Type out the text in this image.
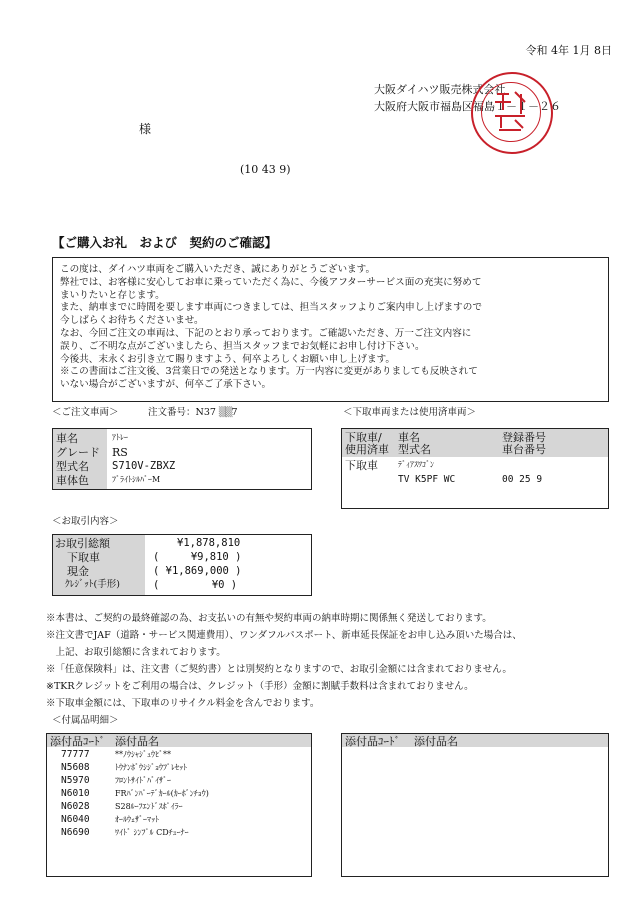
令和 4年 1月 8日
大阪ダイハツ販売株式会社
大阪府大阪市福島区福島１－１－２６
様
(10 43 9)
【ご購入お礼　および　契約のご確認】

この度は、ダイハツ車両をご購入いただき、誠にありがとうございます。

弊社では、お客様に安心してお車に乗っていただく為に、今後アフターサービス面の充実に努めて

まいりたいと存じます。

また、納車までに時間を要します車両につきましては、担当スタッフよりご案内申し上げますので

今しばらくお待ちくださいませ。

なお、今回ご注文の車両は、下記のとおり承っております。ご確認いただき、万一ご注文内容に

誤り、ご不明な点がございましたら、担当スタッフまでお気軽にお申し付け下さい。

今後共、末永くお引き立て賜りますよう、何卒よろしくお願い申し上げます。

※この書面はご注文後、3営業日での発送となります。万一内容に変更がありましても反映されて

いない場合がございますが、何卒ご了承下さい。

＜ご注文車両＞	注文番号：N37 ▒▒7
車名	ｱﾄﾚｰ
グレード RS
型式名 S710V-ZBXZ
車体色	ﾌﾞﾗｲﾄｼﾙﾊﾞｰM
＜下取車両または使用済車両＞
下取車/ 車名	登録番号
使用済車 型式名	車台番号
下取車	ﾃﾞｨｱｽﾜｺﾞﾝ
TV K5PF WC	00 25 9
＜お取引内容＞
お取引総額	¥1,878,810
下取車	(　　　¥9,810 )
現金	( ¥1,869,000 )
ｸﾚｼﾞｯﾄ(手形)	(　　　　　¥0 )
※本書は、ご契約の最終確認の為、お支払いの有無や契約車両の納車時期に関係無く発送しております。
※注文書でJAF（道路・サービス関連費用）、ワンダフルパスポート、新車延長保証をお申し込み頂いた場合は、
　上記、お取引総額に含まれております。
※「任意保険料」は、注文書（ご契約書）とは別契約となりますので、お取引金額には含まれておりません。
※TKRクレジットをご利用の場合は、クレジット（手形）金額に割賦手数料は含まれておりません。
※下取車金額には、下取車のリサイクル料金を含んでおります。
＜付属品明細＞
添付品ｺｰﾄﾞ 添付品名
77777	**ﾉｳｼｬｼﾞｭｳﾋﾞ**
N5608	ﾄｳﾅﾝﾎﾞｳｼｼﾞｮｳﾌﾟﾚｾｯﾄ
N5970	ﾌﾛﾝﾄｻｲﾄﾞﾊﾞｲｻﾞｰ
N6010	FRﾊﾞﾝﾊﾟｰﾃﾞｶｰﾙ(ｶｰﾎﾞﾝﾁｮｳ)
N6028	S28ﾙｰﾌｴﾝﾄﾞｽﾎﾟｲﾗｰ
N6040	ｵｰﾙｳｪｻﾞｰﾏｯﾄ
N6690	ﾜｲﾄﾞ ｼﾝﾌﾟﾙ CDﾁｭｰﾅｰ
添付品ｺｰﾄﾞ 添付品名
